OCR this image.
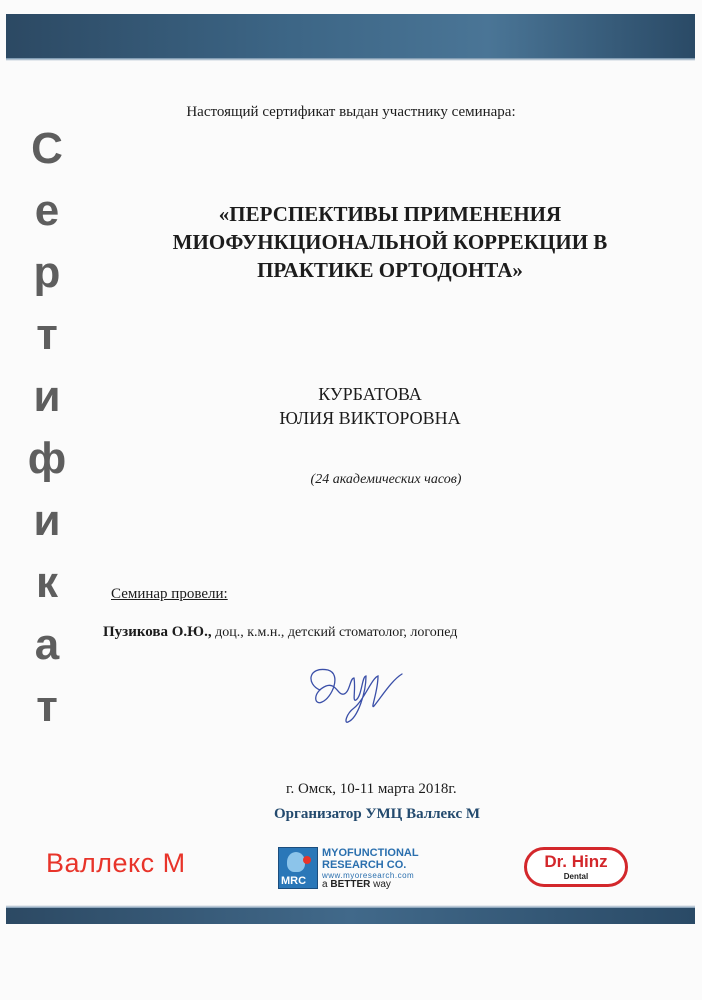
С
е
р
т
и
ф
и
к
а
т
Настоящий сертификат выдан участнику семинара:
«ПЕРСПЕКТИВЫ ПРИМЕНЕНИЯ
МИОФУНКЦИОНАЛЬНОЙ КОРРЕКЦИИ В
ПРАКТИКЕ ОРТОДОНТА»
КУРБАТОВА
ЮЛИЯ ВИКТОРОВНА
(24 академических часов)
Семинар провели:
Пузикова О.Ю., доц., к.м.н., детский стоматолог, логопед
г. Омск, 10-11 марта 2018г.
Организатор УМЦ Валлекс М
Валлекс М
MRC
MYOFUNCTIONAL
RESEARCH CO.
www.myoresearch.com
a BETTER way
Dr. Hinz
Dental
